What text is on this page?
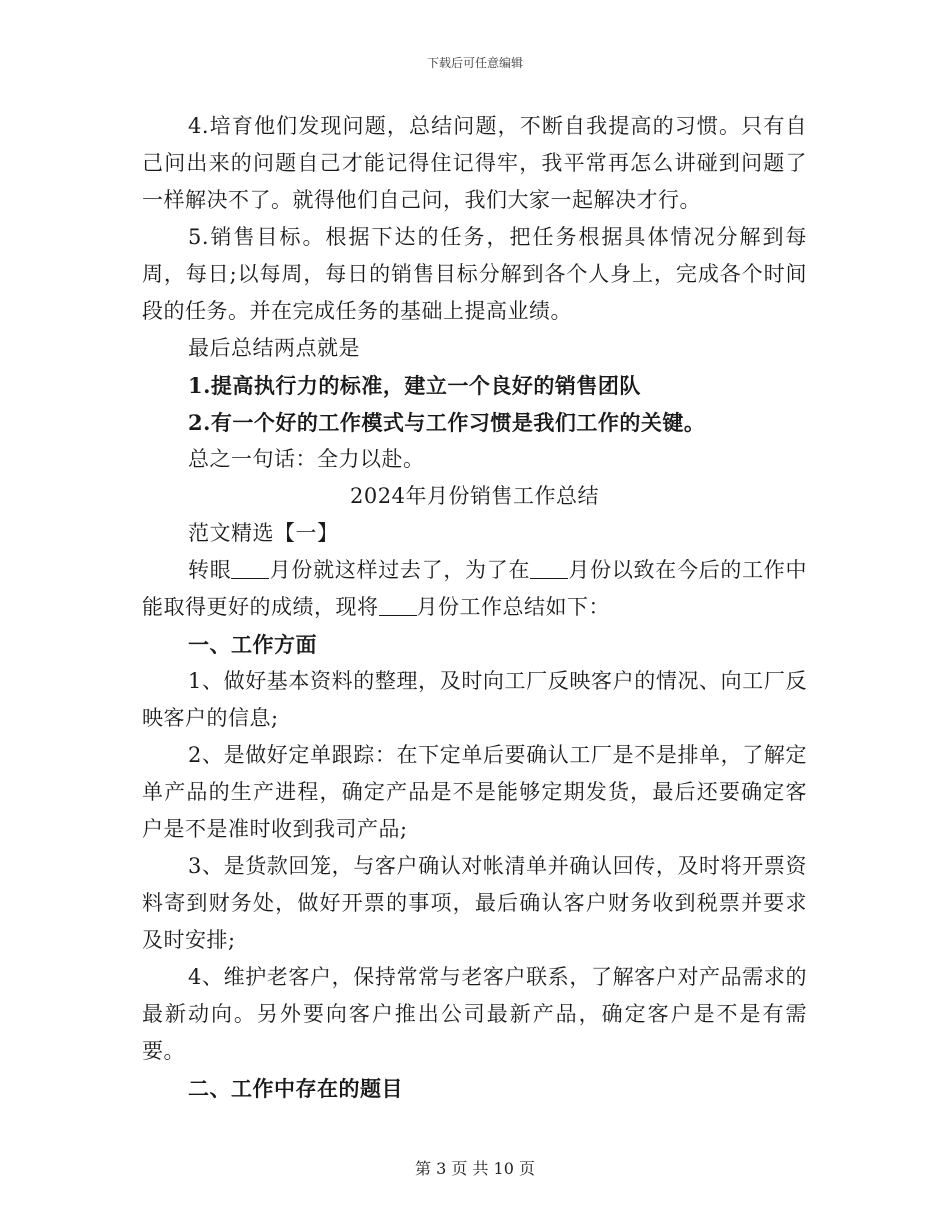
下载后可任意编辑
4.培育他们发现问题，总结问题，不断自我提高的习惯。只有自己问出来的问题自己才能记得住记得牢，我平常再怎么讲碰到问题了一样解决不了。就得他们自己问，我们大家一起解决才行。
5.销售目标。根据下达的任务，把任务根据具体情况分解到每周，每日;以每周，每日的销售目标分解到各个人身上，完成各个时间段的任务。并在完成任务的基础上提高业绩。
最后总结两点就是
1.提高执行力的标准，建立一个良好的销售团队
2.有一个好的工作模式与工作习惯是我们工作的关键。
总之一句话：全力以赴。
2024年月份销售工作总结
范文精选【一】
转眼 月份就这样过去了，为了在 月份以致在今后的工作中能取得更好的成绩，现将 月份工作总结如下：
一、工作方面
1、做好基本资料的整理，及时向工厂反映客户的情况、向工厂反映客户的信息;
2、是做好定单跟踪：在下定单后要确认工厂是不是排单，了解定单产品的生产进程，确定产品是不是能够定期发货，最后还要确定客户是不是准时收到我司产品;
3、是货款回笼，与客户确认对帐清单并确认回传，及时将开票资料寄到财务处，做好开票的事项，最后确认客户财务收到税票并要求及时安排;
4、维护老客户，保持常常与老客户联系，了解客户对产品需求的最新动向。另外要向客户推出公司最新产品，确定客户是不是有需要。
二、工作中存在的题目
第 3 页 共 10 页
